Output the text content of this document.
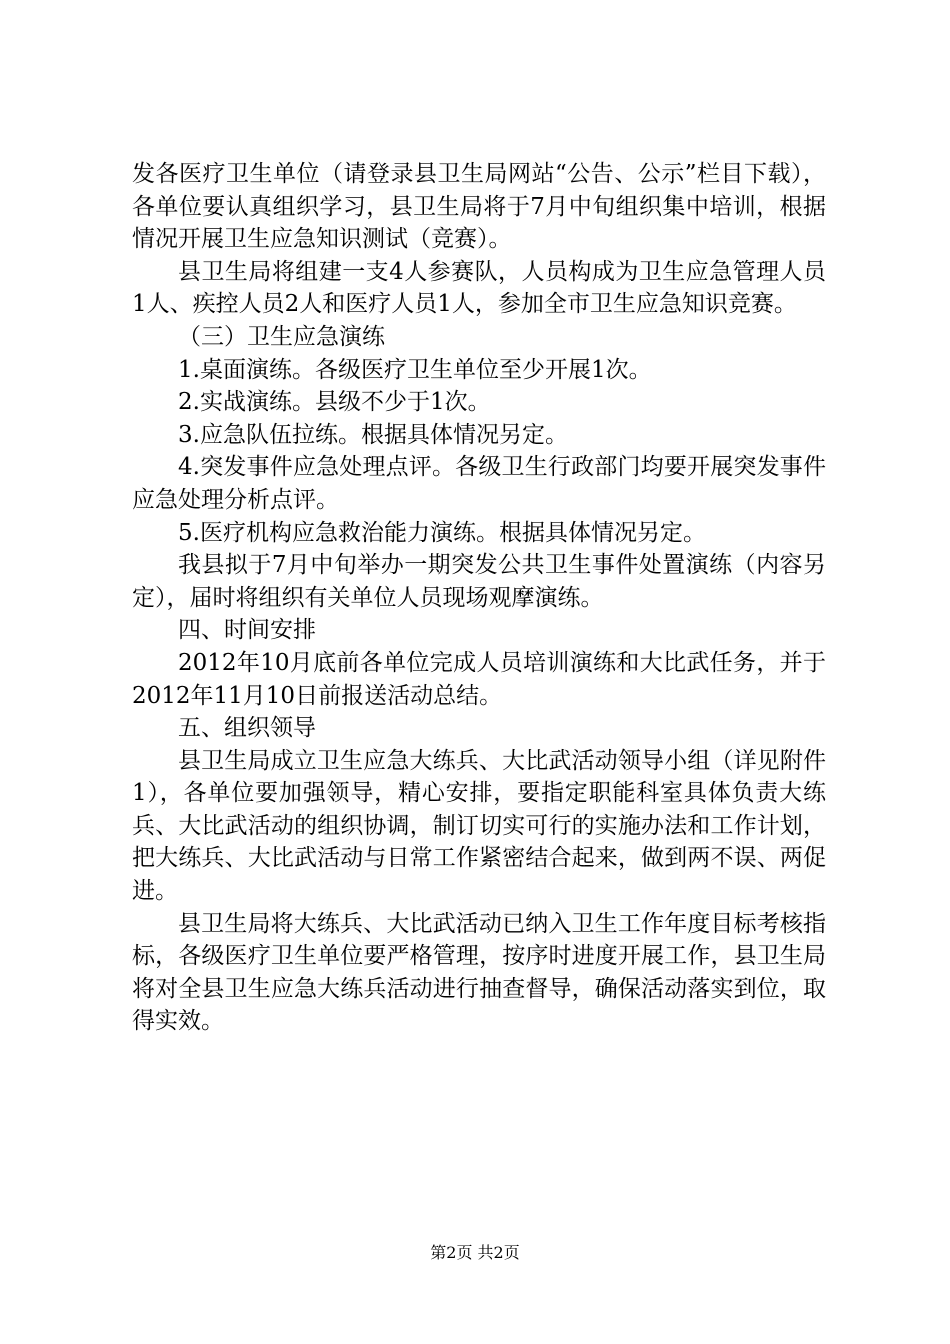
发各医疗卫生单位（请登录县卫生局网站“公告、公示”栏目下载），各单位要认真组织学习，县卫生局将于7月中旬组织集中培训，根据情况开展卫生应急知识测试（竞赛）。

县卫生局将组建一支4人参赛队，人员构成为卫生应急管理人员1人、疾控人员2人和医疗人员1人，参加全市卫生应急知识竞赛。

（三）卫生应急演练

1.桌面演练。各级医疗卫生单位至少开展1次。

2.实战演练。县级不少于1次。

3.应急队伍拉练。根据具体情况另定。

4.突发事件应急处理点评。各级卫生行政部门均要开展突发事件应急处理分析点评。

5.医疗机构应急救治能力演练。根据具体情况另定。

我县拟于7月中旬举办一期突发公共卫生事件处置演练（内容另定），届时将组织有关单位人员现场观摩演练。

四、时间安排

2012年10月底前各单位完成人员培训演练和大比武任务，并于2012年11月10日前报送活动总结。

五、组织领导

县卫生局成立卫生应急大练兵、大比武活动领导小组（详见附件1），各单位要加强领导，精心安排，要指定职能科室具体负责大练兵、大比武活动的组织协调，制订切实可行的实施办法和工作计划，把大练兵、大比武活动与日常工作紧密结合起来，做到两不误、两促进。

县卫生局将大练兵、大比武活动已纳入卫生工作年度目标考核指标，各级医疗卫生单位要严格管理，按序时进度开展工作，县卫生局将对全县卫生应急大练兵活动进行抽查督导，确保活动落实到位，取得实效。

第2页 共2页
